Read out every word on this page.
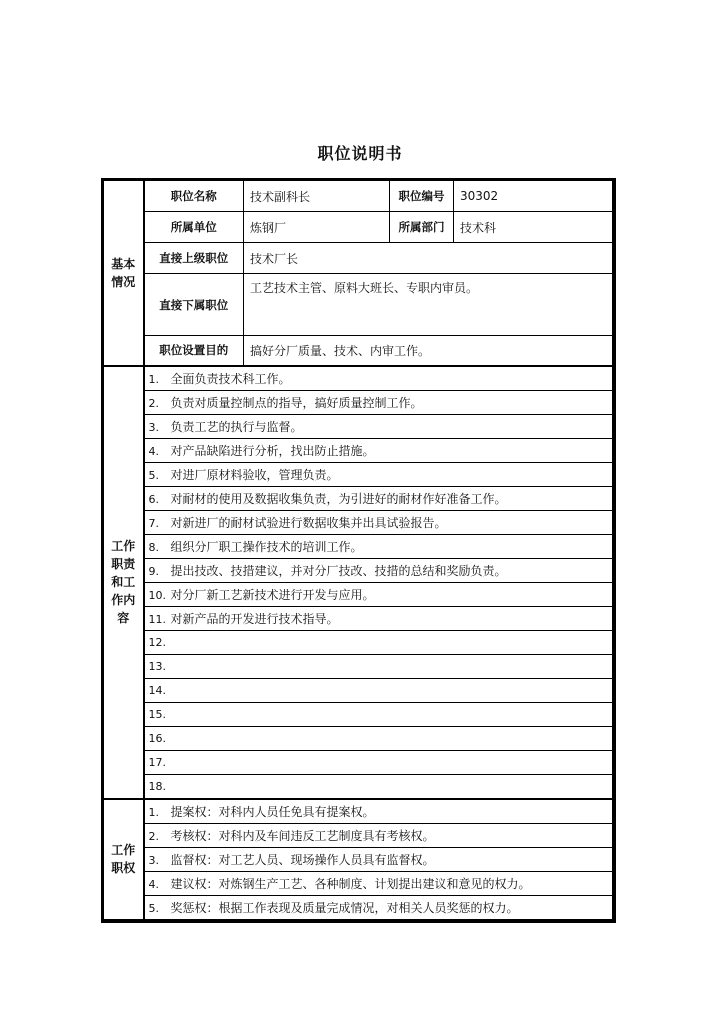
职位说明书
基本情况	职位名称	技术副科长	职位编号	30302
	所属单位	炼钢厂	所属部门	技术科
	直接上级职位	技术厂长		
	直接下属职位	工艺技术主管、原料大班长、专职内审员。		
	职位设置目的	搞好分厂质量、技术、内审工作。		
工作职责和工作内容	1. 全面负责技术科工作。			
	2. 负责对质量控制点的指导，搞好质量控制工作。			
	3. 负责工艺的执行与监督。			
	4. 对产品缺陷进行分析，找出防止措施。			
	5. 对进厂原材料验收，管理负责。			
	6. 对耐材的使用及数据收集负责，为引进好的耐材作好准备工作。			
	7. 对新进厂的耐材试验进行数据收集并出具试验报告。			
	8. 组织分厂职工操作技术的培训工作。			
	9. 提出技改、技措建议，并对分厂技改、技措的总结和奖励负责。			
	10. 对分厂新工艺新技术进行开发与应用。			
	11. 对新产品的开发进行技术指导。			
	12.			
	13.			
	14.			
	15.			
	16.			
	17.			
	18.			
工作职权	1. 提案权：对科内人员任免具有提案权。			
	2. 考核权：对科内及车间违反工艺制度具有考核权。			
	3. 监督权：对工艺人员、现场操作人员具有监督权。			
	4. 建议权：对炼钢生产工艺、各种制度、计划提出建议和意见的权力。			
	5. 奖惩权：根据工作表现及质量完成情况，对相关人员奖惩的权力。			
